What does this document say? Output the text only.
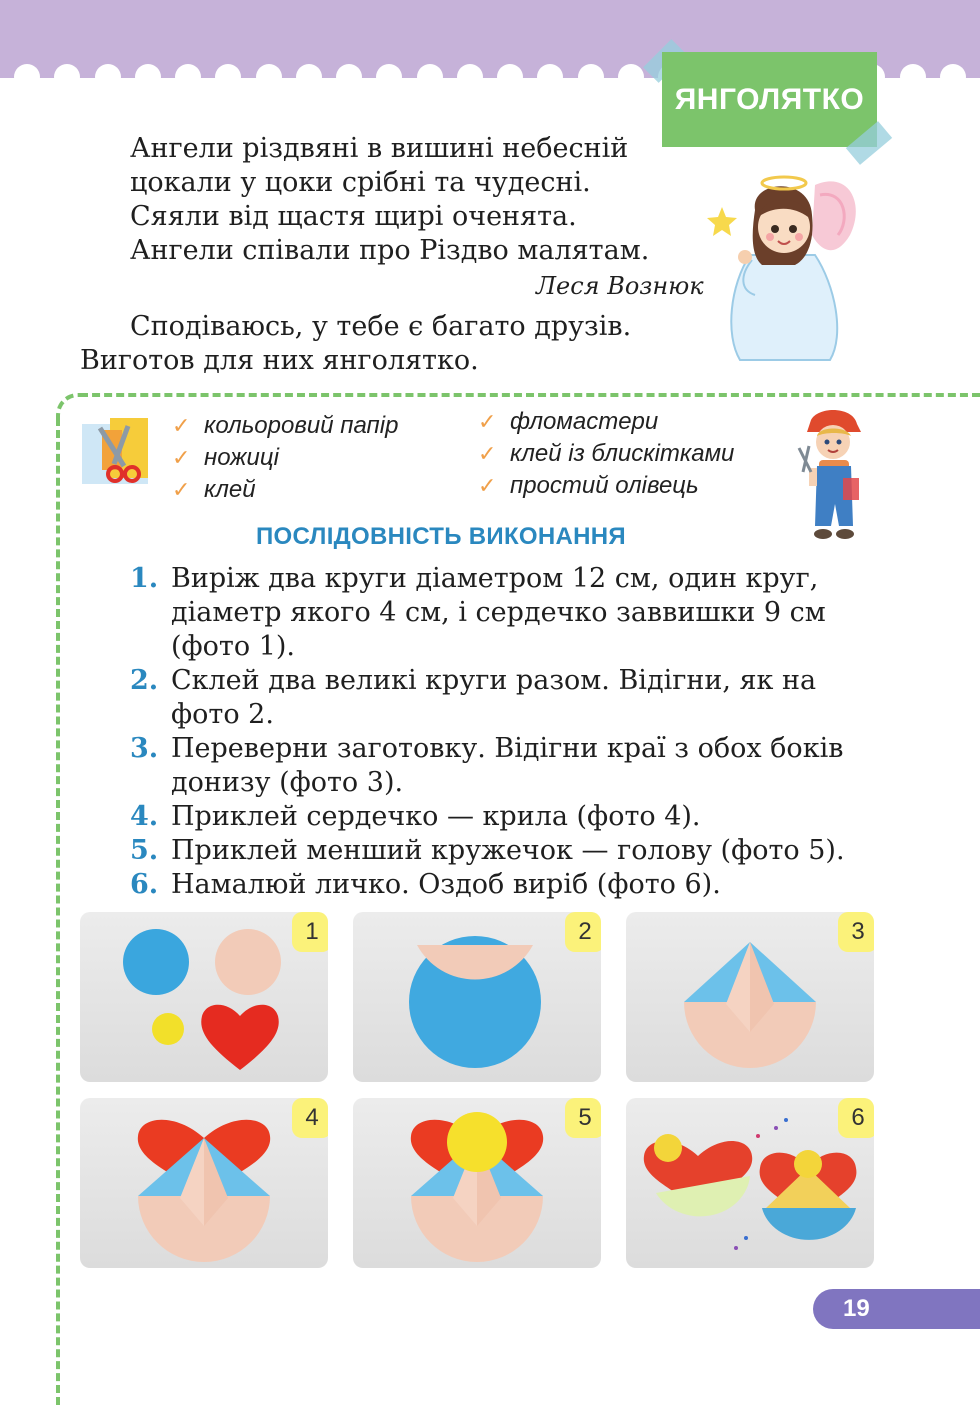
ЯНГОЛЯТКО
Ангели різдвяні в вишині небесній
цокали у цоки срібні та чудесні.
Сяяли від щастя щирі оченята.
Ангели співали про Різдво малятам.
Леся Вознюк
Сподіваюсь, у тебе є багато друзів.
Виготов для них янголятко.
✓ кольоровий папір
✓ ножиці
✓ клей
✓ фломастери
✓ клей із блискітками
✓ простий олівець
ПОСЛІДОВНІСТЬ ВИКОНАННЯ
1. Виріж два круги діаметром 12 см, один круг, діаметр якого 4 см, і сердечко заввишки 9 см (фото 1).
2. Склей два великі круги разом. Відігни, як на фото 2.
3. Переверни заготовку. Відігни краї з обох боків донизу (фото 3).
4. Приклей сердечко — крила (фото 4).
5. Приклей менший кружечок — голову (фото 5).
6. Намалюй личко. Оздоб виріб (фото 6).
1	2	3
4	5	6
19
